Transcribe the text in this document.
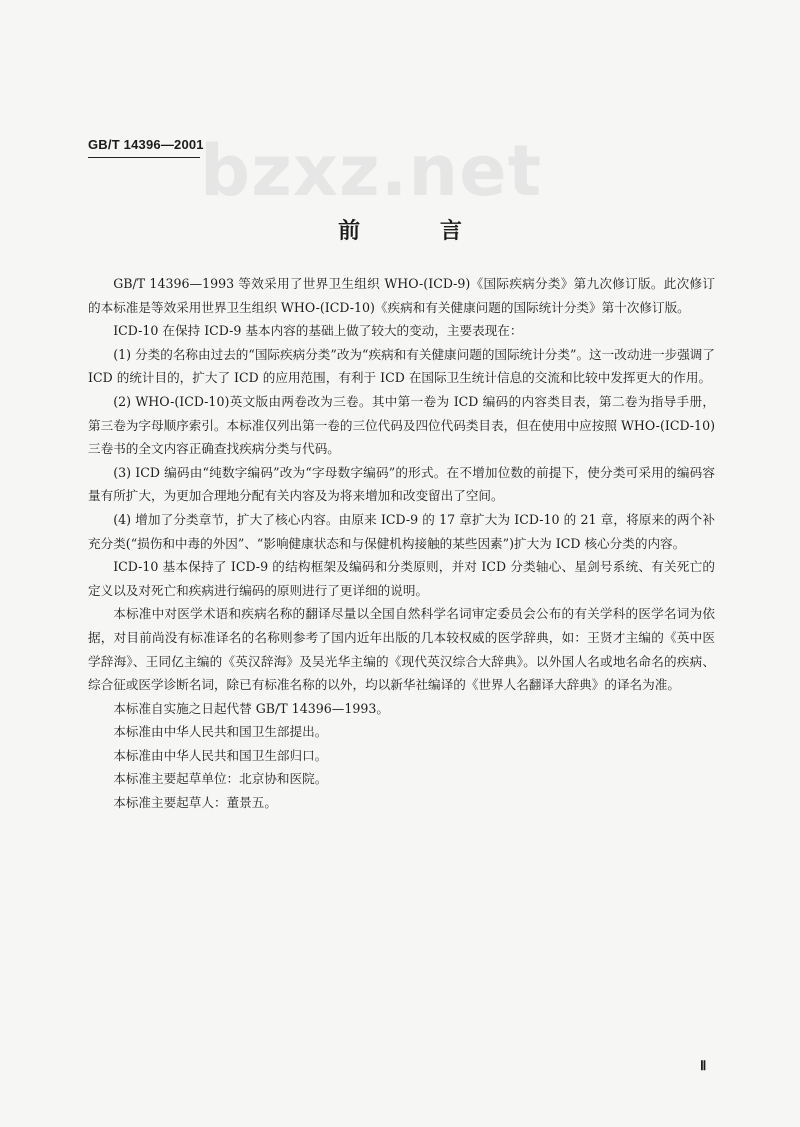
GB/T 14396—2001
bzxz.net
前 言

GB/T 14396—1993 等效采用了世界卫生组织 WHO-(ICD-9)《国际疾病分类》第九次修订版。此次修订的本标准是等效采用世界卫生组织 WHO-(ICD-10)《疾病和有关健康问题的国际统计分类》第十次修订版。

ICD-10 在保持 ICD-9 基本内容的基础上做了较大的变动，主要表现在：

(1) 分类的名称由过去的“国际疾病分类”改为“疾病和有关健康问题的国际统计分类”。这一改动进一步强调了 ICD 的统计目的，扩大了 ICD 的应用范围，有利于 ICD 在国际卫生统计信息的交流和比较中发挥更大的作用。

(2) WHO-(ICD-10)英文版由两卷改为三卷。其中第一卷为 ICD 编码的内容类目表，第二卷为指导手册，第三卷为字母顺序索引。本标准仅列出第一卷的三位代码及四位代码类目表，但在使用中应按照 WHO-(ICD-10)三卷书的全文内容正确查找疾病分类与代码。

(3) ICD 编码由“纯数字编码”改为“字母数字编码”的形式。在不增加位数的前提下，使分类可采用的编码容量有所扩大，为更加合理地分配有关内容及为将来增加和改变留出了空间。

(4) 增加了分类章节，扩大了核心内容。由原来 ICD-9 的 17 章扩大为 ICD-10 的 21 章，将原来的两个补充分类(“损伤和中毒的外因”、“影响健康状态和与保健机构接触的某些因素”)扩大为 ICD 核心分类的内容。

ICD-10 基本保持了 ICD-9 的结构框架及编码和分类原则，并对 ICD 分类轴心、星剑号系统、有关死亡的定义以及对死亡和疾病进行编码的原则进行了更详细的说明。

本标准中对医学术语和疾病名称的翻译尽量以全国自然科学名词审定委员会公布的有关学科的医学名词为依据，对目前尚没有标准译名的名称则参考了国内近年出版的几本较权威的医学辞典，如：王贤才主编的《英中医学辞海》、王同亿主编的《英汉辞海》及吴光华主编的《现代英汉综合大辞典》。以外国人名或地名命名的疾病、综合征或医学诊断名词，除已有标准名称的以外，均以新华社编译的《世界人名翻译大辞典》的译名为准。

本标准自实施之日起代替 GB/T 14396—1993。

本标准由中华人民共和国卫生部提出。

本标准由中华人民共和国卫生部归口。

本标准主要起草单位：北京协和医院。

本标准主要起草人：董景五。

Ⅱ
